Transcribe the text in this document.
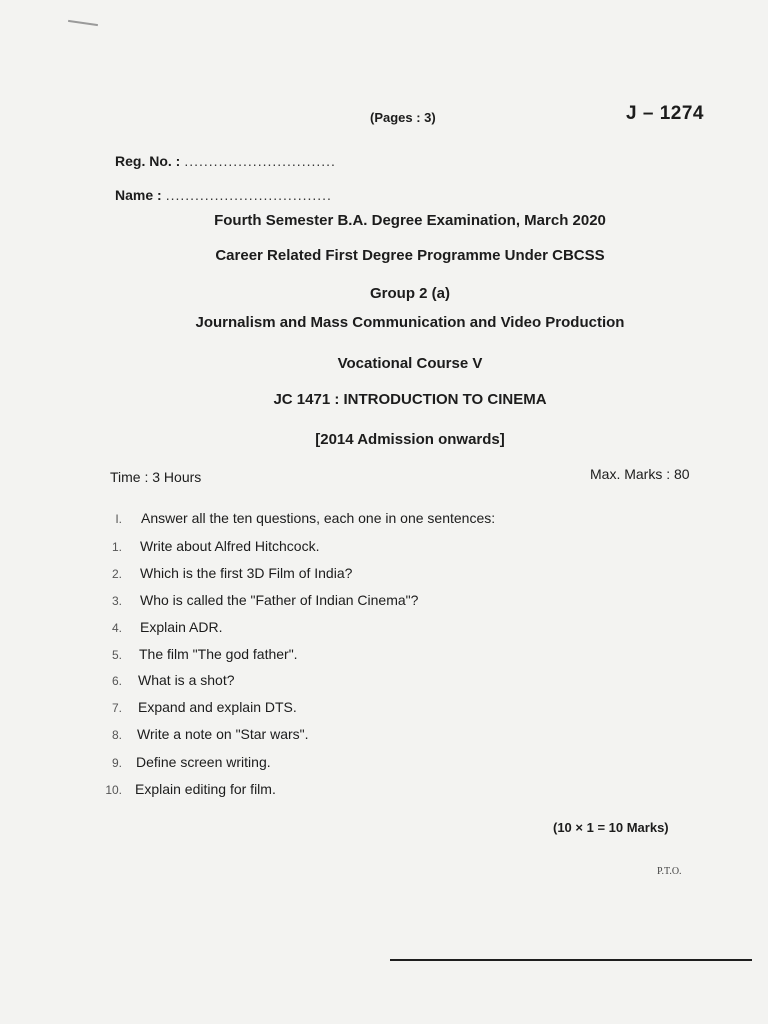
(Pages : 3)	J – 1274
Reg. No. : ...............................
Name : ..................................
Fourth Semester B.A. Degree Examination, March 2020
Career Related First Degree Programme Under CBCSS
Group 2 (a)
Journalism and Mass Communication and Video Production
Vocational Course V
JC 1471 : INTRODUCTION TO CINEMA
[2014 Admission onwards]
Time : 3 Hours	Max. Marks : 80
I. Answer all the ten questions, each one in one sentences:
1. Write about Alfred Hitchcock.
2. Which is the first 3D Film of India?
3. Who is called the "Father of Indian Cinema"?
4. Explain ADR.
5. The film "The god father".
6. What is a shot?
7. Expand and explain DTS.
8. Write a note on "Star wars".
9. Define screen writing.
10. Explain editing for film.
(10 × 1 = 10 Marks)
P.T.O.
